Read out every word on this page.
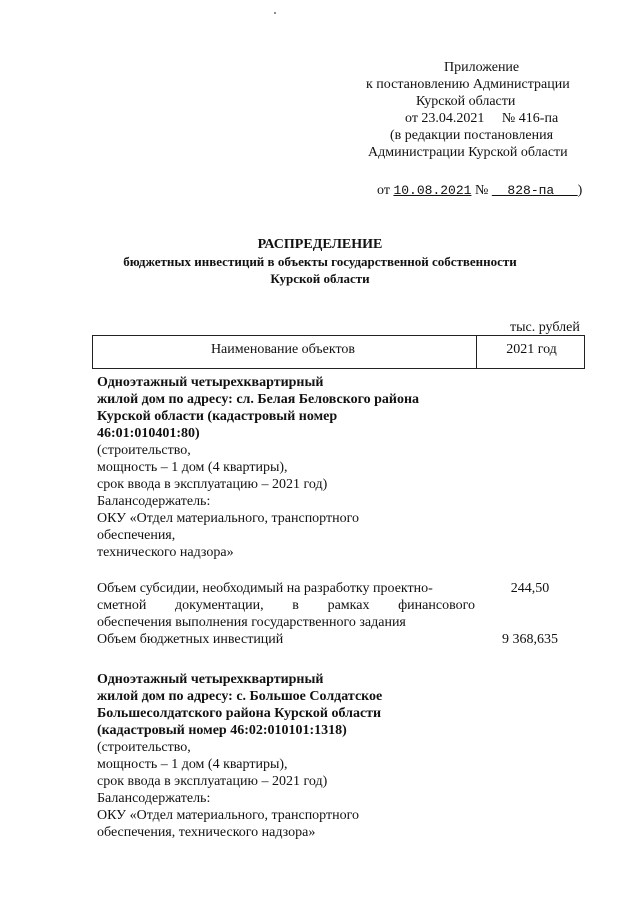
Приложение
к постановлению Администрации
Курской области
от 23.04.2021     № 416-па
(в редакции постановления
Администрации Курской области
от 10.08.2021 №   828-па   )
РАСПРЕДЕЛЕНИЕ
бюджетных инвестиций в объекты государственной собственности
Курской области
тыс. рублей
Наименование объектов	2021 год
Одноэтажный четырехквартирный
жилой дом по адресу: сл. Белая Беловского района
Курской области (кадастровый номер
46:01:010401:80)
(строительство,
мощность – 1 дом (4 квартиры),
срок ввода в эксплуатацию – 2021 год)
Балансодержатель:
ОКУ «Отдел материального, транспортного
обеспечения,
технического надзора»
Объем субсидии, необходимый на разработку проектно-
сметной документации, в рамках финансового
обеспечения выполнения государственного задания
Объем бюджетных инвестиций
244,50
9 368,635
Одноэтажный четырехквартирный
жилой дом по адресу: с. Большое Солдатское
Большесолдатского района Курской области
(кадастровый номер 46:02:010101:1318)
(строительство,
мощность – 1 дом (4 квартиры),
срок ввода в эксплуатацию – 2021 год)
Балансодержатель:
ОКУ «Отдел материального, транспортного
обеспечения, технического надзора»
